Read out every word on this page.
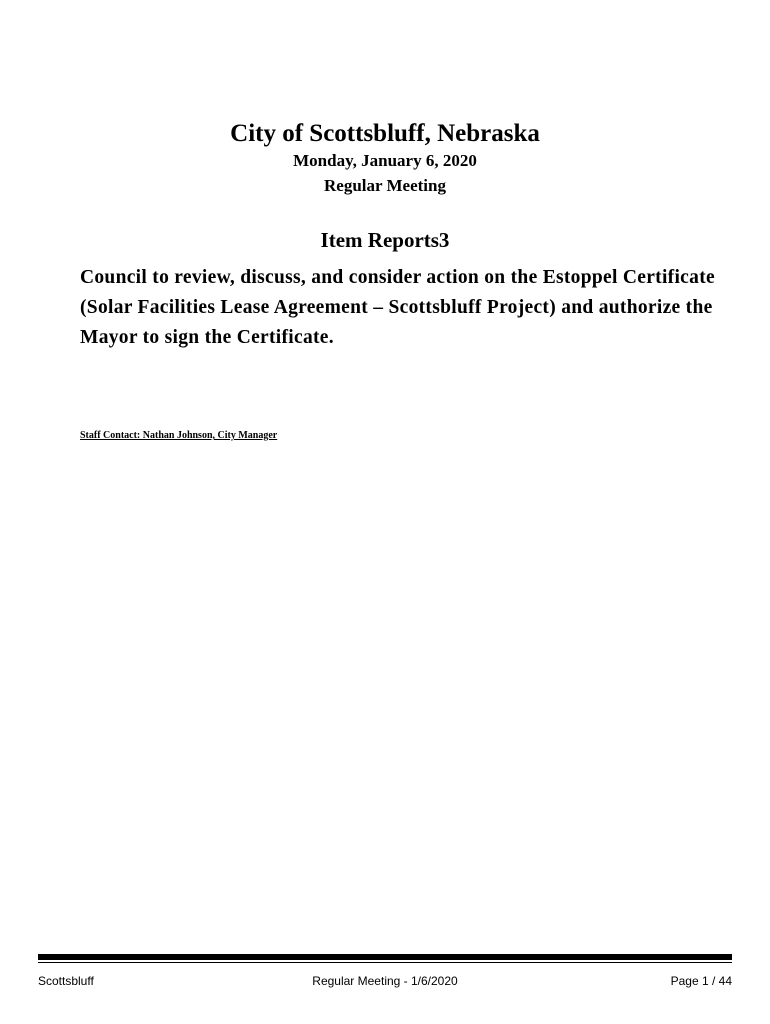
City of Scottsbluff, Nebraska
Monday, January 6, 2020
Regular Meeting
Item Reports3
Council to review, discuss, and consider action on the Estoppel Certificate (Solar Facilities Lease Agreement – Scottsbluff Project) and authorize the Mayor to sign the Certificate.
Staff Contact: Nathan Johnson, City Manager
Scottsbluff	Regular Meeting - 1/6/2020	Page 1 / 44
